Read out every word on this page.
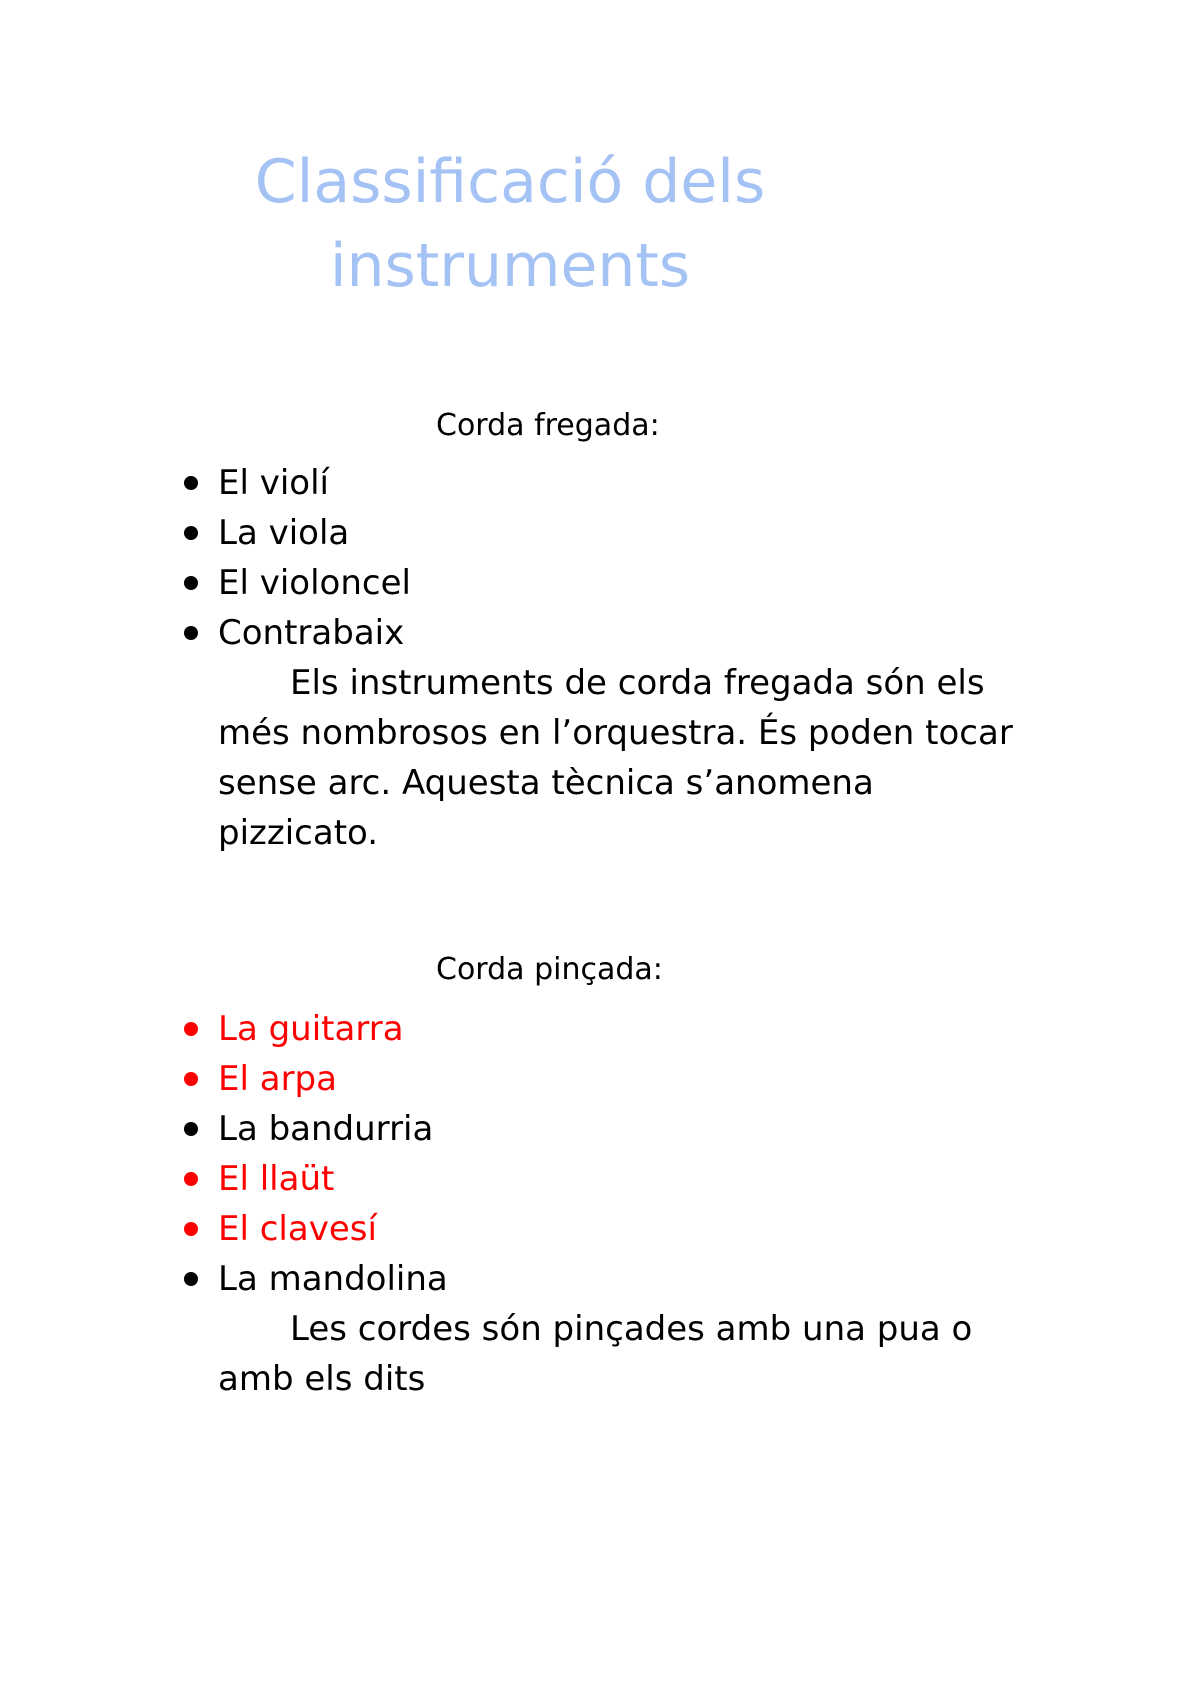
Classificació dels
instruments

Corda fregada:

El violí
La viola
El violoncel
Contrabaix

Els instruments de corda fregada són els més nombrosos en l’orquestra. És poden tocar sense arc. Aquesta tècnica s’anomena pizzicato.

Corda pinçada:

La guitarra
El arpa
La bandurria
El llaüt
El clavesí
La mandolina

Les cordes són pinçades amb una pua o amb els dits
